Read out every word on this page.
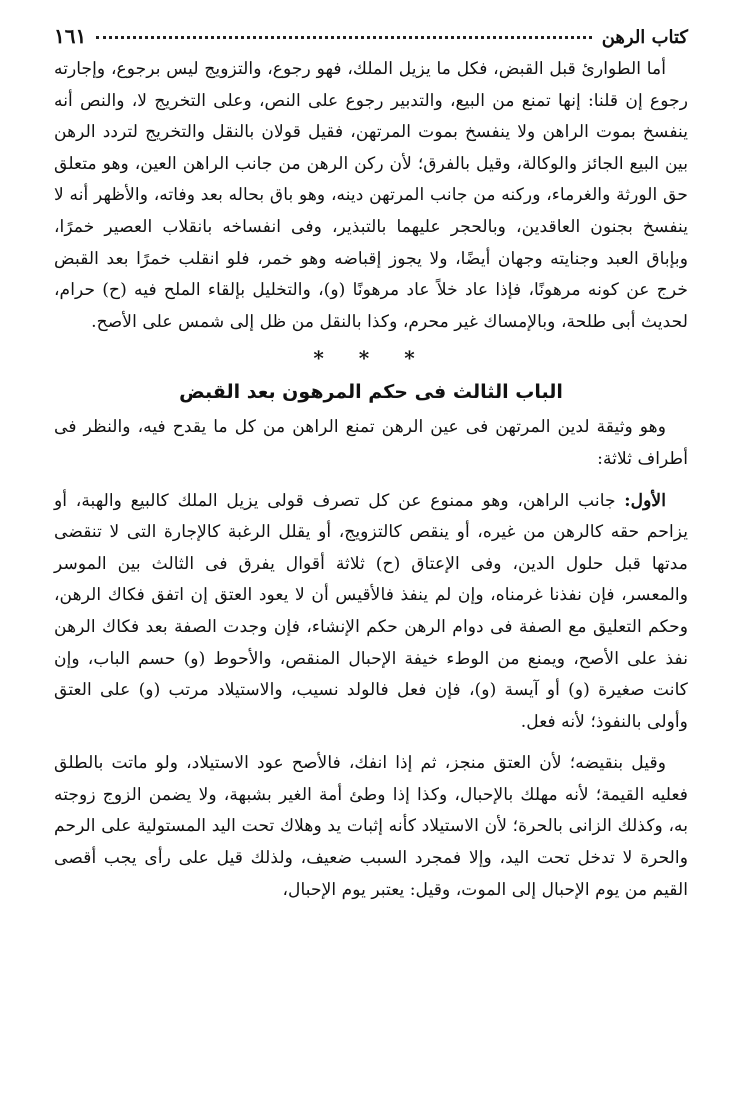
كتاب الرهن
١٦١

أما الطوارئ قبل القبض، فكل ما يزيل الملك، فهو رجوع، والتزويج ليس برجوع، وإجارته رجوع إن قلنا: إنها تمنع من البيع، والتدبير رجوع على النص، وعلى التخريج لا، والنص أنه ينفسخ بموت الراهن ولا ينفسخ بموت المرتهن، فقيل قولان بالنقل والتخريج لتردد الرهن بين البيع الجائز والوكالة، وقيل بالفرق؛ لأن ركن الرهن من جانب الراهن العين، وهو متعلق حق الورثة والغرماء، وركنه من جانب المرتهن دينه، وهو باق بحاله بعد وفاته، والأظهر أنه لا ينفسخ بجنون العاقدين، وبالحجر عليهما بالتبذير، وفى انفساخه بانقلاب العصير خمرًا، وبإباق العبد وجنايته وجهان أيضًا، ولا يجوز إقباضه وهو خمر، فلو انقلب خمرًا بعد القبض خرج عن كونه مرهونًا، فإذا عاد خلاً عاد مرهونًا (و)، والتخليل بإلقاء الملح فيه (ح) حرام، لحديث أبى طلحة، وبالإمساك غير محرم، وكذا بالنقل من ظل إلى شمس على الأصح.

* * *
الباب الثالث فى حكم المرهون بعد القبض

وهو وثيقة لدين المرتهن فى عين الرهن تمنع الراهن من كل ما يقدح فيه، والنظر فى أطراف ثلاثة:

الأول: جانب الراهن، وهو ممنوع عن كل تصرف قولى يزيل الملك كالبيع والهبة، أو يزاحم حقه كالرهن من غيره، أو ينقص كالتزويج، أو يقلل الرغبة كالإجارة التى لا تنقضى مدتها قبل حلول الدين، وفى الإعتاق (ح) ثلاثة أقوال يفرق فى الثالث بين الموسر والمعسر، فإن نفذنا غرمناه، وإن لم ينفذ فالأقيس أن لا يعود العتق إن اتفق فكاك الرهن، وحكم التعليق مع الصفة فى دوام الرهن حكم الإنشاء، فإن وجدت الصفة بعد فكاك الرهن نفذ على الأصح، ويمنع من الوطء خيفة الإحبال المنقص، والأحوط (و) حسم الباب، وإن كانت صغيرة (و) أو آيسة (و)، فإن فعل فالولد نسيب، والاستيلاد مرتب (و) على العتق وأولى بالنفوذ؛ لأنه فعل.

وقيل بنقيضه؛ لأن العتق منجز، ثم إذا انفك، فالأصح عود الاستيلاد، ولو ماتت بالطلق فعليه القيمة؛ لأنه مهلك بالإحبال، وكذا إذا وطئ أمة الغير بشبهة، ولا يضمن الزوج زوجته به، وكذلك الزانى بالحرة؛ لأن الاستيلاد كأنه إثبات يد وهلاك تحت اليد المستولية على الرحم والحرة لا تدخل تحت اليد، وإلا فمجرد السبب ضعيف، ولذلك قيل على رأى يجب أقصى القيم من يوم الإحبال إلى الموت، وقيل: يعتبر يوم الإحبال،
